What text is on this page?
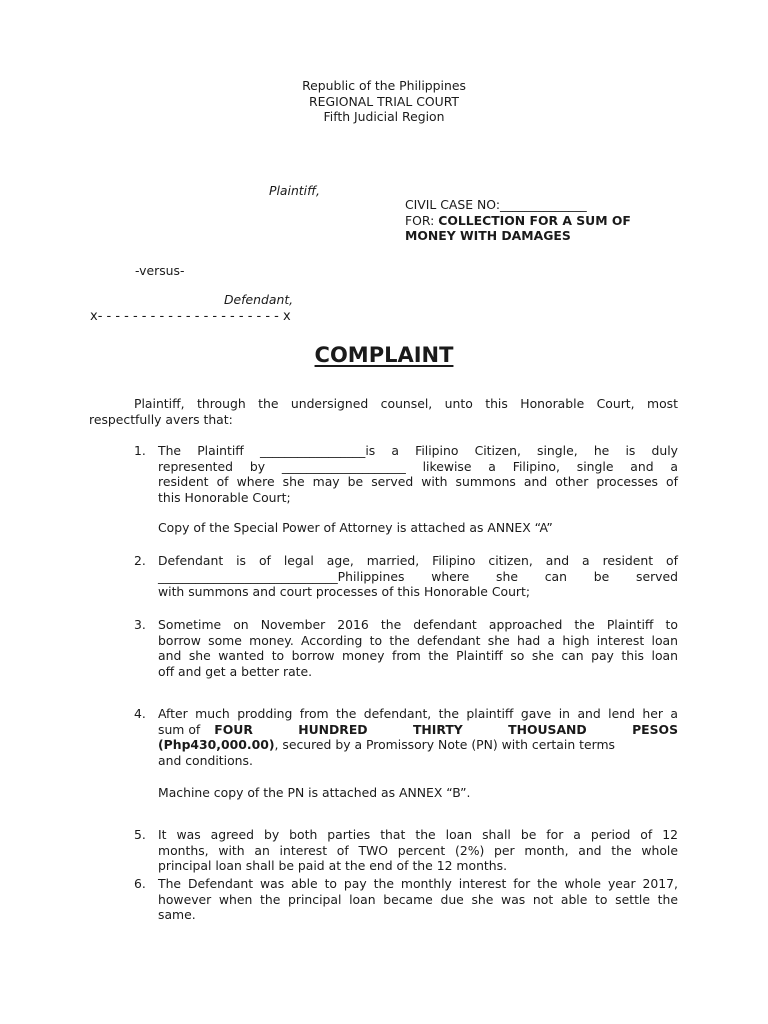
Republic of the Philippines
REGIONAL TRIAL COURT
Fifth Judicial Region
Plaintiff,
-versus-
Defendant,
x- - - - - - - - - - - - - - - - - - - - - x
CIVIL CASE NO:______________
FOR: COLLECTION FOR A SUM OF
MONEY WITH DAMAGES
COMPLAINT
Plaintiff, through the undersigned counsel, unto this Honorable Court, most
respectfully avers that:
1. The Plaintiff _________________is a Filipino Citizen, single, he is duly
represented by ____________________ likewise a Filipino, single and a
resident of where she may be served with summons and other processes of
this Honorable Court;
Copy of the Special Power of Attorney is attached as ANNEX “A”
2. Defendant is of legal age, married, Filipino citizen, and a resident of
_____________________________Philippines where she can be served
with summons and court processes of this Honorable Court;
3. Sometime on November 2016 the defendant approached the Plaintiff to
borrow some money. According to the defendant she had a high interest loan
and she wanted to borrow money from the Plaintiff so she can pay this loan
off and get a better rate.
4. After much prodding from the defendant, the plaintiff gave in and lend her a
sum of FOUR HUNDRED THIRTY THOUSAND PESOS
(Php430,000.00), secured by a Promissory Note (PN) with certain terms
and conditions.
Machine copy of the PN is attached as ANNEX “B”.
5. It was agreed by both parties that the loan shall be for a period of 12
months, with an interest of TWO percent (2%) per month, and the whole
principal loan shall be paid at the end of the 12 months.
6. The Defendant was able to pay the monthly interest for the whole year 2017,
however when the principal loan became due she was not able to settle the
same.
